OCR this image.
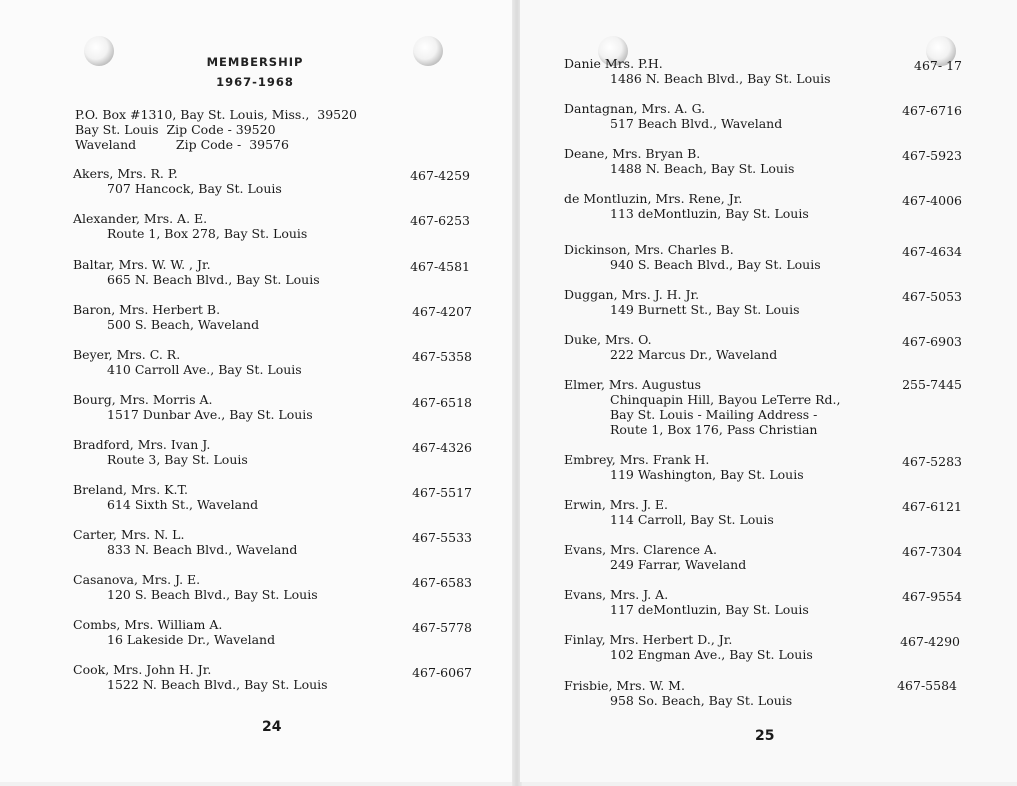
MEMBERSHIP
1967-1968
P.O. Box #1310, Bay St. Louis, Miss.,  39520
Bay St. Louis  Zip Code - 39520
Waveland          Zip Code -  39576
Akers, Mrs. R. P.
707 Hancock, Bay St. Louis
467-4259
Alexander, Mrs. A. E.
Route 1, Box 278, Bay St. Louis
467-6253
Baltar, Mrs. W. W. , Jr.
665 N. Beach Blvd., Bay St. Louis
467-4581
Baron, Mrs. Herbert B.
500 S. Beach, Waveland
467-4207
Beyer, Mrs. C. R.
410 Carroll Ave., Bay St. Louis
467-5358
Bourg, Mrs. Morris A.
1517 Dunbar Ave., Bay St. Louis
467-6518
Bradford, Mrs. Ivan J.
Route 3, Bay St. Louis
467-4326
Breland, Mrs. K.T.
614 Sixth St., Waveland
467-5517
Carter, Mrs. N. L.
833 N. Beach Blvd., Waveland
467-5533
Casanova, Mrs. J. E.
120 S. Beach Blvd., Bay St. Louis
467-6583
Combs, Mrs. William A.
16 Lakeside Dr., Waveland
467-5778
Cook, Mrs. John H. Jr.
1522 N. Beach Blvd., Bay St. Louis
467-6067
24
Danie Mrs. P.H.
1486 N. Beach Blvd., Bay St. Louis
467- 17
Dantagnan, Mrs. A. G.
517 Beach Blvd., Waveland
467-6716
Deane, Mrs. Bryan B.
1488 N. Beach, Bay St. Louis
467-5923
de Montluzin, Mrs. Rene, Jr.
113 deMontluzin, Bay St. Louis
467-4006
Dickinson, Mrs. Charles B.
940 S. Beach Blvd., Bay St. Louis
467-4634
Duggan, Mrs. J. H. Jr.
149 Burnett St., Bay St. Louis
467-5053
Duke, Mrs. O.
222 Marcus Dr., Waveland
467-6903
Elmer, Mrs. Augustus
Chinquapin Hill, Bayou LeTerre Rd.,
Bay St. Louis - Mailing Address -
Route 1, Box 176, Pass Christian
255-7445
Embrey, Mrs. Frank H.
119 Washington, Bay St. Louis
467-5283
Erwin, Mrs. J. E.
114 Carroll, Bay St. Louis
467-6121
Evans, Mrs. Clarence A.
249 Farrar, Waveland
467-7304
Evans, Mrs. J. A.
117 deMontluzin, Bay St. Louis
467-9554
Finlay, Mrs. Herbert D., Jr.
102 Engman Ave., Bay St. Louis
467-4290
Frisbie, Mrs. W. M.
958 So. Beach, Bay St. Louis
467-5584
25
